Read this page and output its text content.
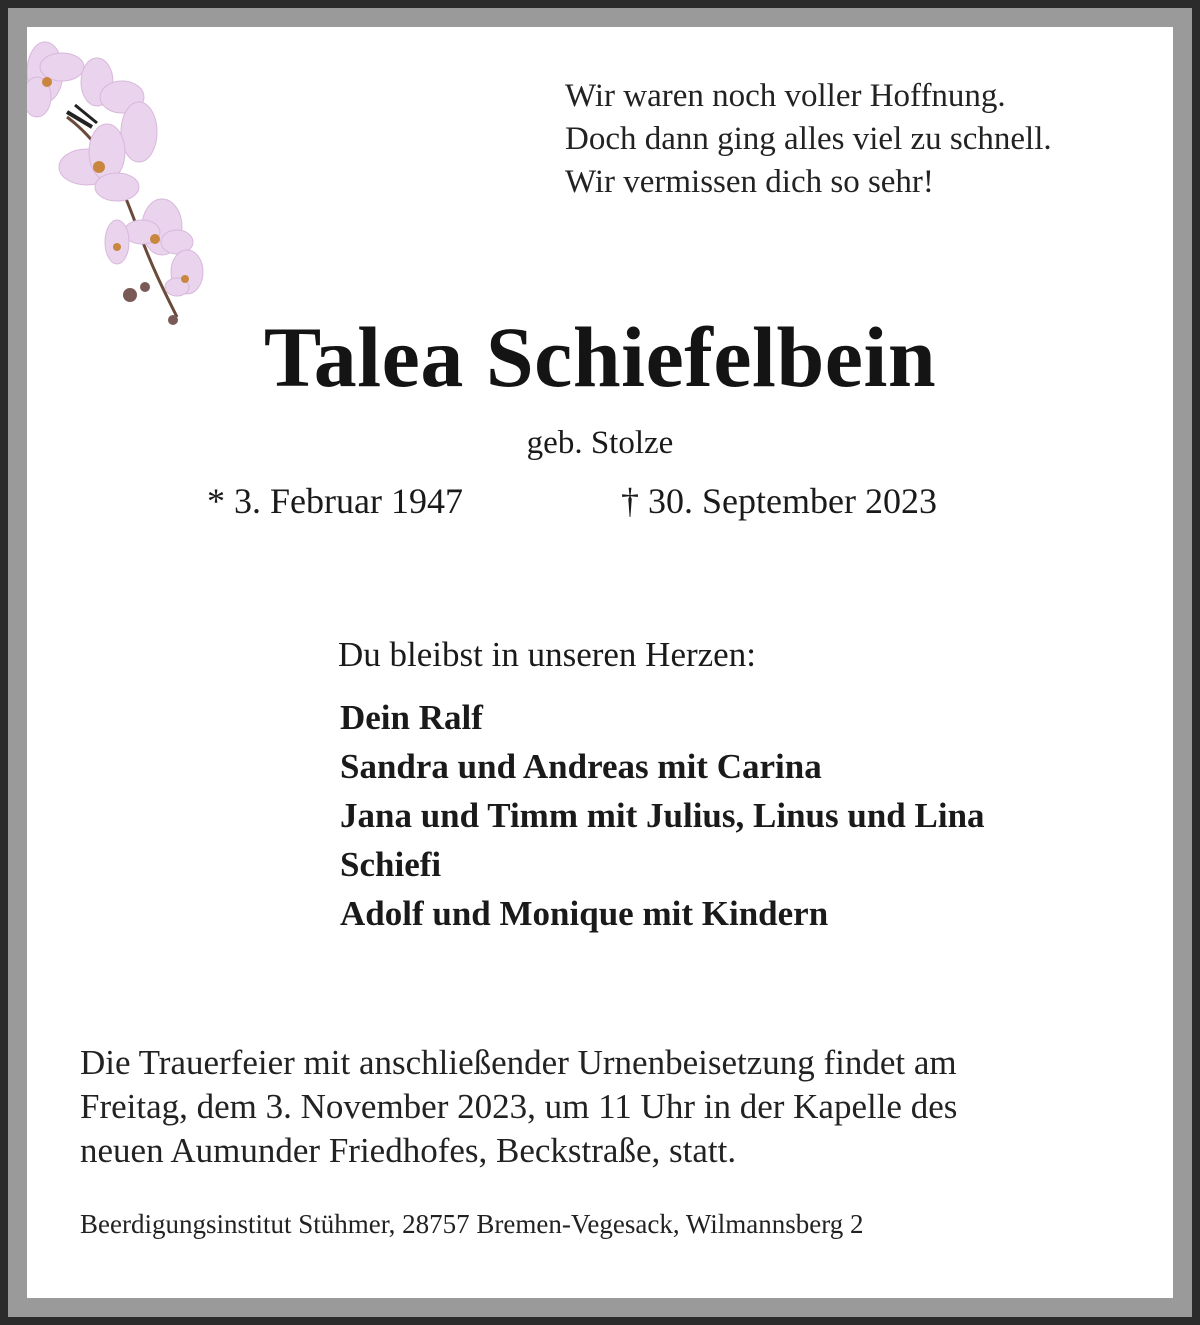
Wir waren noch voller Hoffnung.
Doch dann ging alles viel zu schnell.
Wir vermissen dich so sehr!
Talea Schiefelbein
geb. Stolze
* 3. Februar 1947	† 30. September 2023
Du bleibst in unseren Herzen:
Dein Ralf
Sandra und Andreas mit Carina
Jana und Timm mit Julius, Linus und Lina
Schiefi
Adolf und Monique mit Kindern
Die Trauerfeier mit anschließender Urnenbeisetzung findet am
Freitag, dem 3. November 2023, um 11 Uhr in der Kapelle des
neuen Aumunder Friedhofes, Beckstraße, statt.
Beerdigungsinstitut Stühmer, 28757 Bremen-Vegesack, Wilmannsberg 2
